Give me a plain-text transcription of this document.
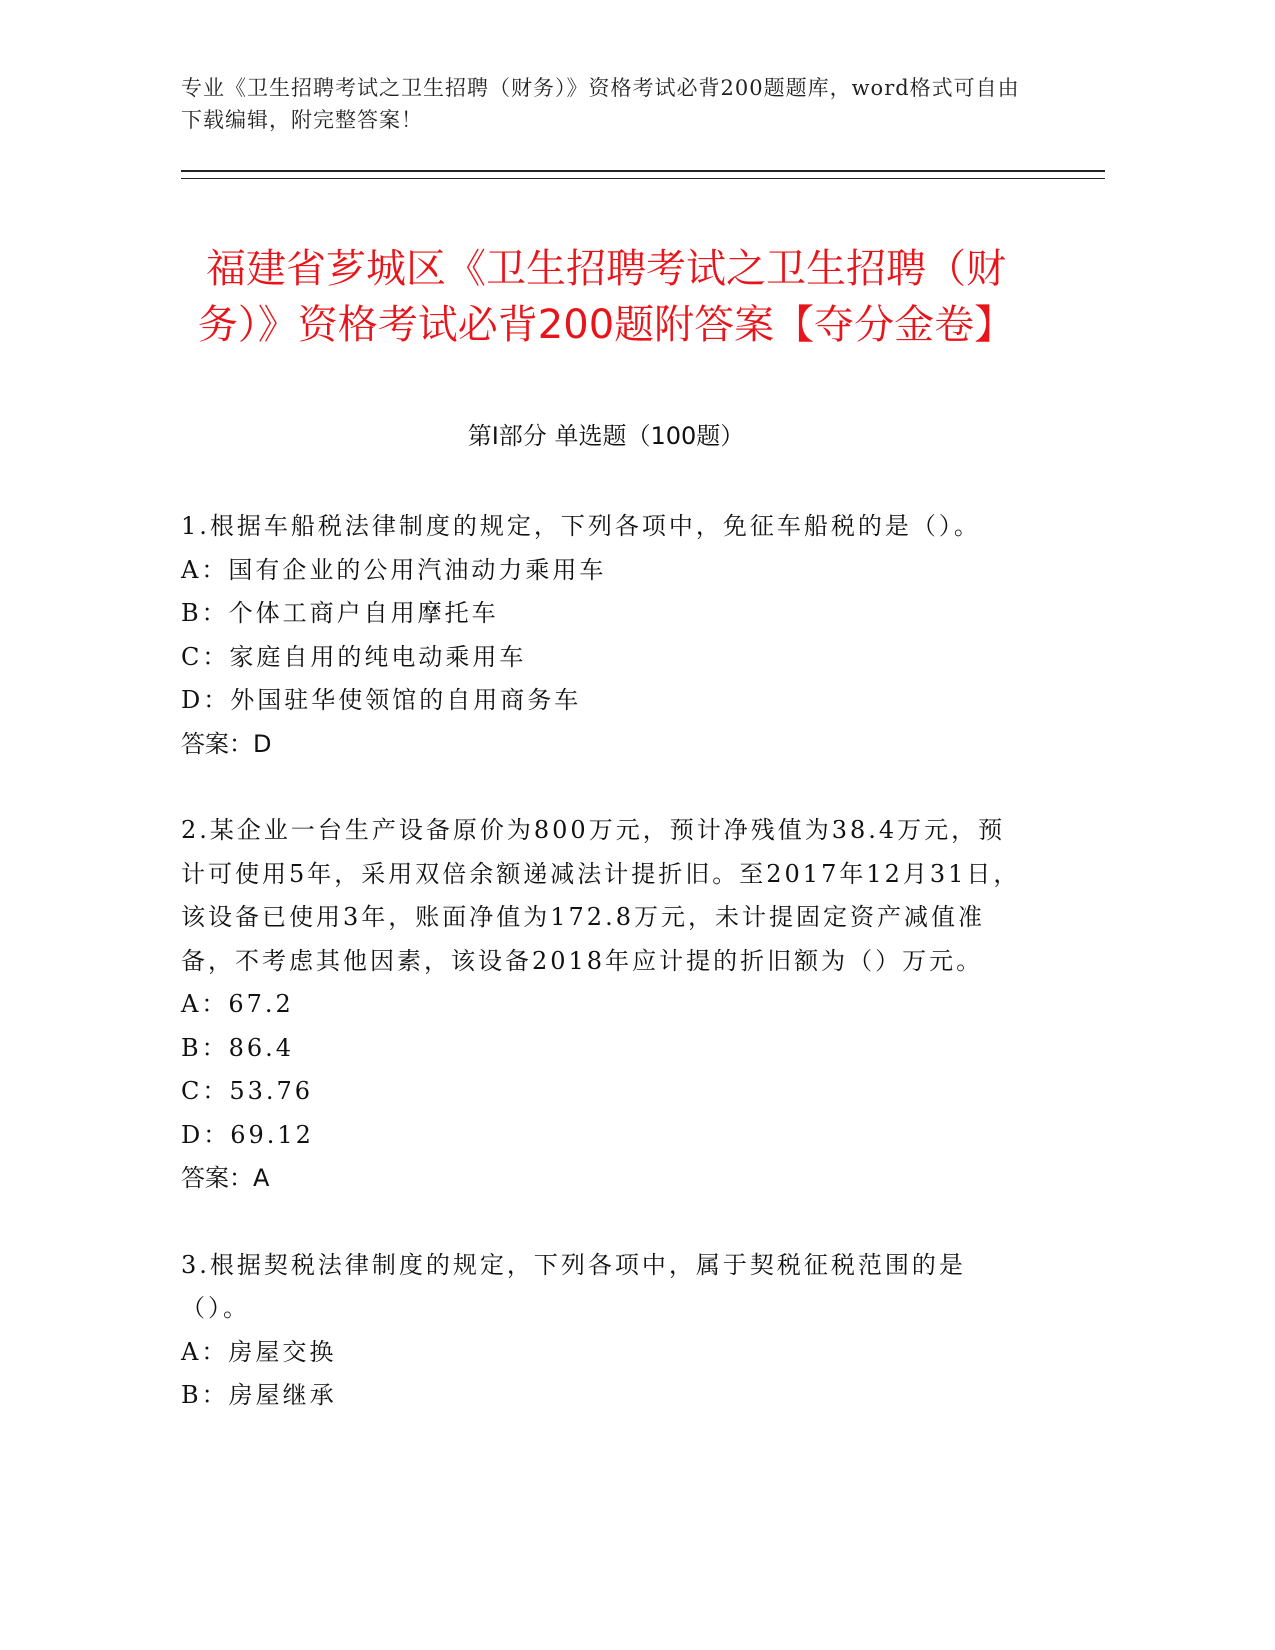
专业《卫生招聘考试之卫生招聘（财务）》资格考试必背200题题库，word格式可自由下载编辑，附完整答案！
福建省芗城区《卫生招聘考试之卫生招聘（财务）》资格考试必背200题附答案【夺分金卷】
第I部分 单选题（100题）

1.根据车船税法律制度的规定，下列各项中，免征车船税的是（）。

A：国有企业的公用汽油动力乘用车

B：个体工商户自用摩托车

C：家庭自用的纯电动乘用车

D：外国驻华使领馆的自用商务车

答案：D

2.某企业一台生产设备原价为800万元，预计净残值为38.4万元，预计可使用5年，采用双倍余额递减法计提折旧。至2017年12月31日，该设备已使用3年，账面净值为172.8万元，未计提固定资产减值准备，不考虑其他因素，该设备2018年应计提的折旧额为（）万元。

A：67.2

B：86.4

C：53.76

D：69.12

答案：A

3.根据契税法律制度的规定，下列各项中，属于契税征税范围的是（）。

A：房屋交换

B：房屋继承
